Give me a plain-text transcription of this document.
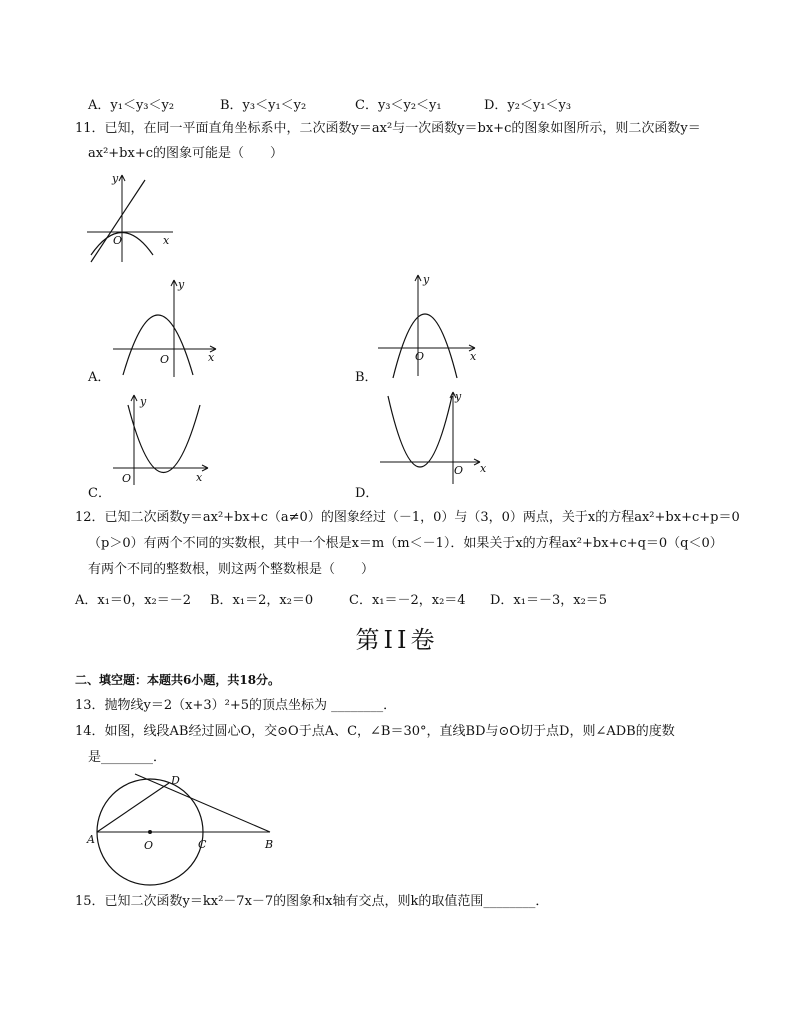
A．y₁＜y₃＜y₂	B．y₃＜y₁＜y₂	C．y₃＜y₂＜y₁	D．y₂＜y₁＜y₃
11．已知，在同一平面直角坐标系中，二次函数y＝ax²与一次函数y＝bx+c的图象如图所示，则二次函数y＝
ax²+bx+c的图象可能是（　　）
y
x
O
y
x
O
A．
y
x
O
B．
y
x
O
C．
y
x
O
D．
12．已知二次函数y＝ax²+bx+c（a≠0）的图象经过（－1，0）与（3，0）两点，关于x的方程ax²+bx+c+p＝0
（p＞0）有两个不同的实数根，其中一个根是x＝m（m＜－1）．如果关于x的方程ax²+bx+c+q＝0（q＜0）
有两个不同的整数根，则这两个整数根是（　　）
A．x₁＝0，x₂＝－2 B．x₁＝2，x₂＝0	C．x₁＝－2，x₂＝4 D．x₁＝－3，x₂＝5
第II卷
二、填空题：本题共6小题，共18分。
13．抛物线y＝2（x+3）²+5的顶点坐标为 ________．
14．如图，线段AB经过圆心O，交⊙O于点A、C，∠B＝30°，直线BD与⊙O切于点D，则∠ADB的度数
是________．
A	O	C	B
D
15．已知二次函数y＝kx²－7x－7的图象和x轴有交点，则k的取值范围________．
